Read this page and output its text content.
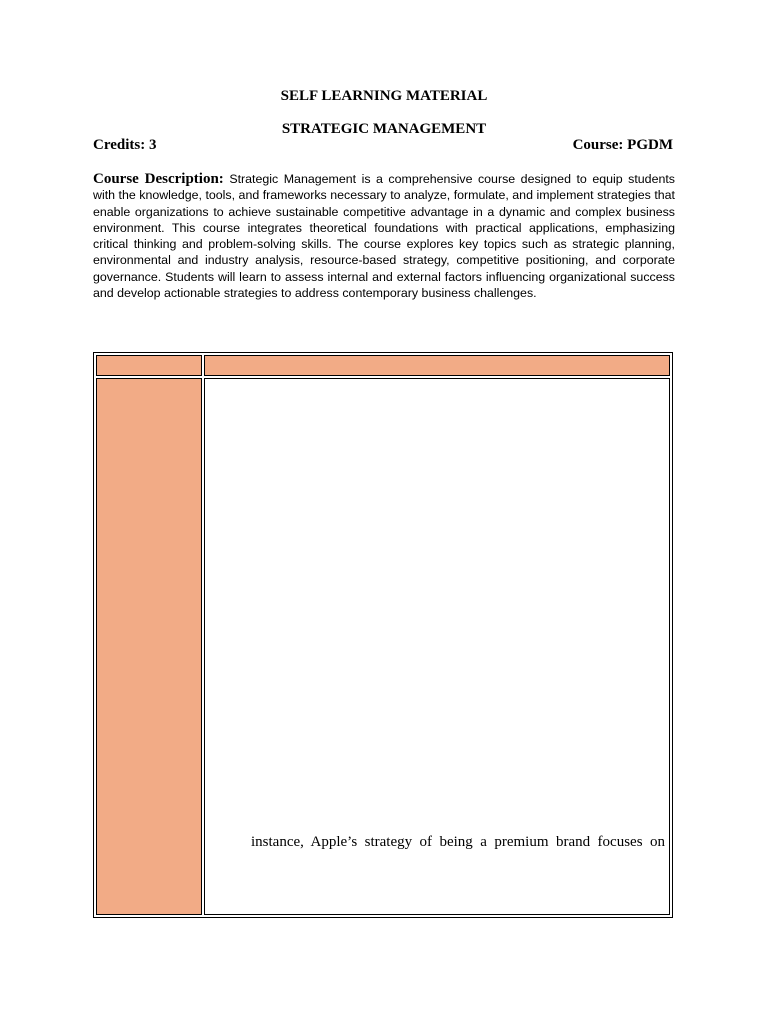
SELF LEARNING MATERIAL
STRATEGIC MANAGEMENT
Credits: 3	Course: PGDM
Course Description: Strategic Management is a comprehensive course designed to equip students with the knowledge, tools, and frameworks necessary to analyze, formulate, and implement strategies that enable organizations to achieve sustainable competitive advantage in a dynamic and complex business environment. This course integrates theoretical foundations with practical applications, emphasizing critical thinking and problem-solving skills. The course explores key topics such as strategic planning, environmental and industry analysis, resource-based strategy, competitive positioning, and corporate governance. Students will learn to assess internal and external factors influencing organizational success and develop actionable strategies to address contemporary business challenges.
instance, Apple’s strategy of being a premium brand focuses on
